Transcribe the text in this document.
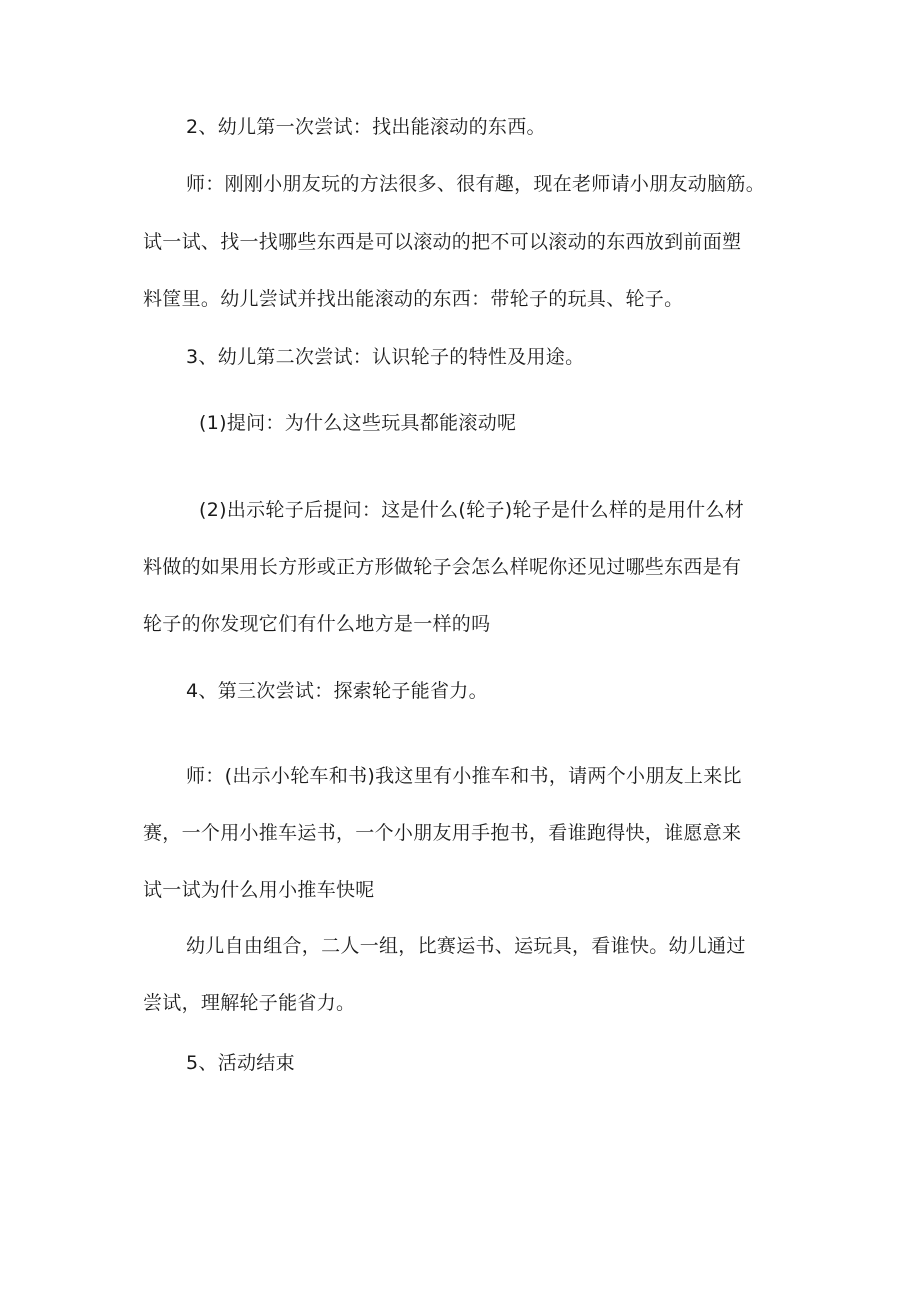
2、幼儿第一次尝试：找出能滚动的东西。
师：刚刚小朋友玩的方法很多、很有趣，现在老师请小朋友动脑筋。
试一试、找一找哪些东西是可以滚动的把不可以滚动的东西放到前面塑
料筐里。幼儿尝试并找出能滚动的东西：带轮子的玩具、轮子。
3、幼儿第二次尝试：认识轮子的特性及用途。
(1)提问：为什么这些玩具都能滚动呢
(2)出示轮子后提问：这是什么(轮子)轮子是什么样的是用什么材
料做的如果用长方形或正方形做轮子会怎么样呢你还见过哪些东西是有
轮子的你发现它们有什么地方是一样的吗
4、第三次尝试：探索轮子能省力。
师：(出示小轮车和书)我这里有小推车和书，请两个小朋友上来比
赛，一个用小推车运书，一个小朋友用手抱书，看谁跑得快，谁愿意来
试一试为什么用小推车快呢
幼儿自由组合，二人一组，比赛运书、运玩具，看谁快。幼儿通过
尝试，理解轮子能省力。
5、活动结束
